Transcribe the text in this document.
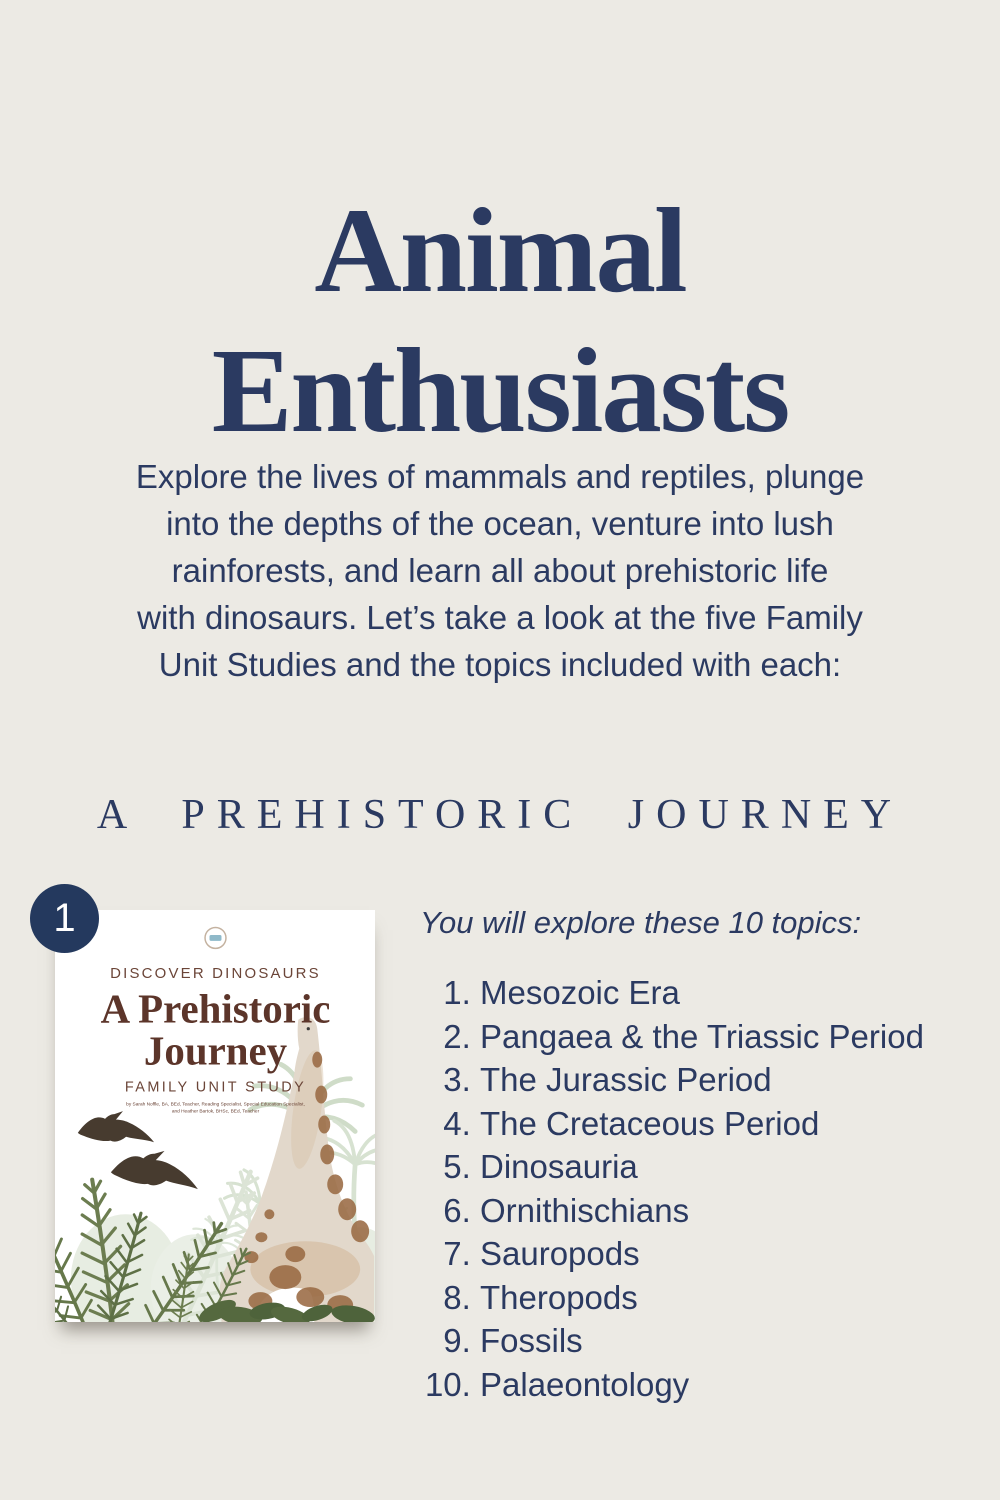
Animal
Enthusiasts
Explore the lives of mammals and reptiles, plunge
into the depths of the ocean, venture into lush
rainforests, and learn all about prehistoric life
with dinosaurs. Let’s take a look at the five Family
Unit Studies and the topics included with each:
A PREHISTORIC JOURNEY
1
DISCOVER DINOSAURS
A Prehistoric
Journey
FAMILY UNIT STUDY
by Sarah Noffle, BA, BEd, Teacher, Reading Specialist, Special Education Specialist,
and Heather Bartok, BHSc, BEd, Teacher
You will explore these 10 topics:
1. Mesozoic Era
2. Pangaea & the Triassic Period
3. The Jurassic Period
4. The Cretaceous Period
5. Dinosauria
6. Ornithischians
7. Sauropods
8. Theropods
9. Fossils
10. Palaeontology
